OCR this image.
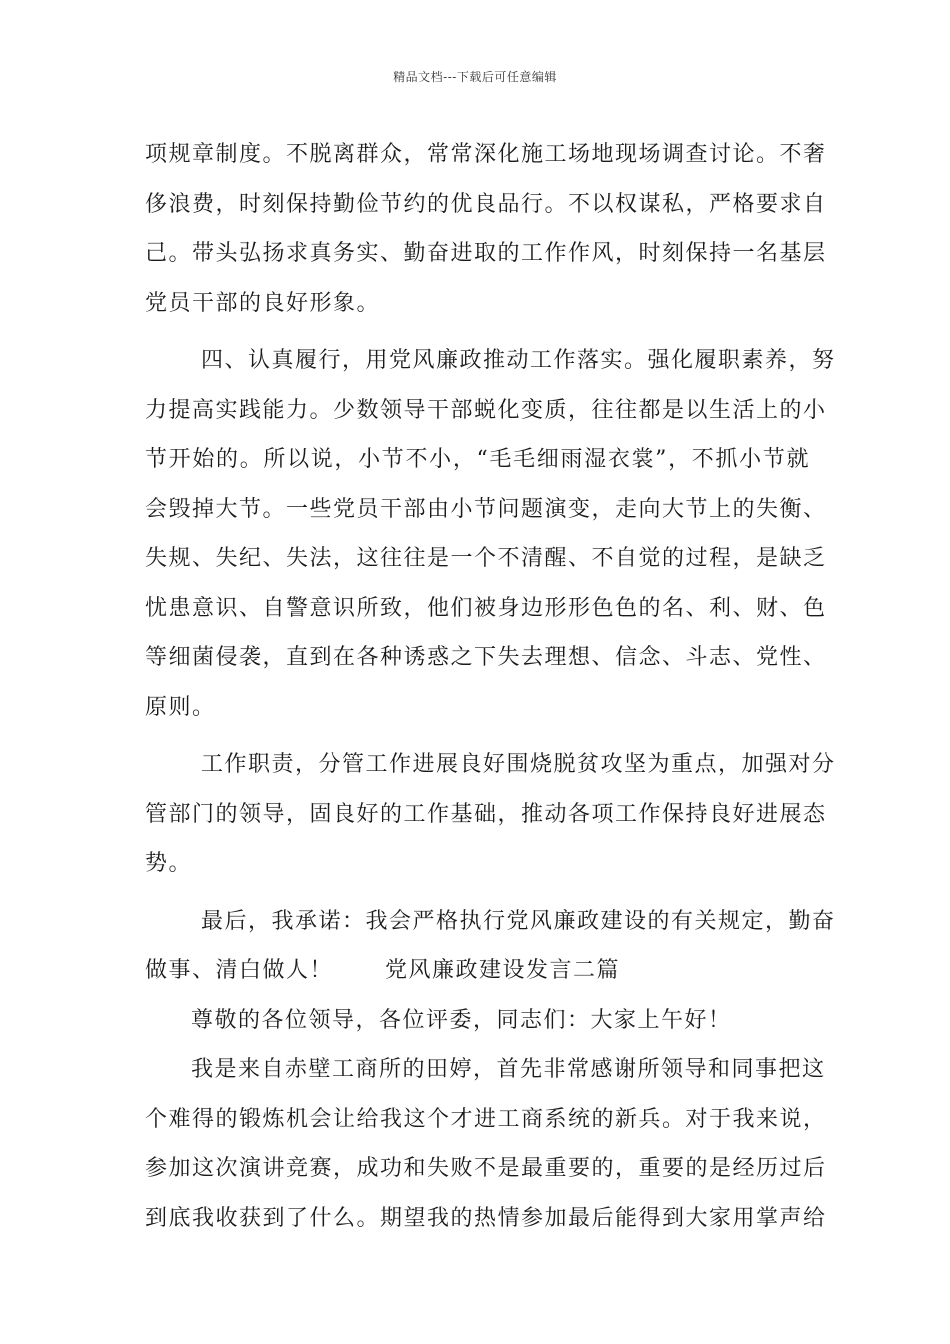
精品文档---下载后可任意编辑
项规章制度。不脱离群众，常常深化施工场地现场调查讨论。不奢
侈浪费，时刻保持勤俭节约的优良品行。不以权谋私，严格要求自
己。带头弘扬求真务实、勤奋进取的工作作风，时刻保持一名基层
党员干部的良好形象。
四、认真履行，用党风廉政推动工作落实。强化履职素养，努
力提高实践能力。少数领导干部蜕化变质，往往都是以生活上的小
节开始的。所以说，小节不小，“毛毛细雨湿衣裳”，不抓小节就
会毁掉大节。一些党员干部由小节问题演变，走向大节上的失衡、
失规、失纪、失法，这往往是一个不清醒、不自觉的过程，是缺乏
忧患意识、自警意识所致，他们被身边形形色色的名、利、财、色
等细菌侵袭，直到在各种诱惑之下失去理想、信念、斗志、党性、
原则。
工作职责，分管工作进展良好围烧脱贫攻坚为重点，加强对分
管部门的领导，固良好的工作基础，推动各项工作保持良好进展态
势。
最后，我承诺：我会严格执行党风廉政建设的有关规定，勤奋
做事、清白做人！ 党风廉政建设发言二篇
尊敬的各位领导，各位评委，同志们：大家上午好！
我是来自赤壁工商所的田婷，首先非常感谢所领导和同事把这
个难得的锻炼机会让给我这个才进工商系统的新兵。对于我来说，
参加这次演讲竞赛，成功和失败不是最重要的，重要的是经历过后
到底我收获到了什么。期望我的热情参加最后能得到大家用掌声给
